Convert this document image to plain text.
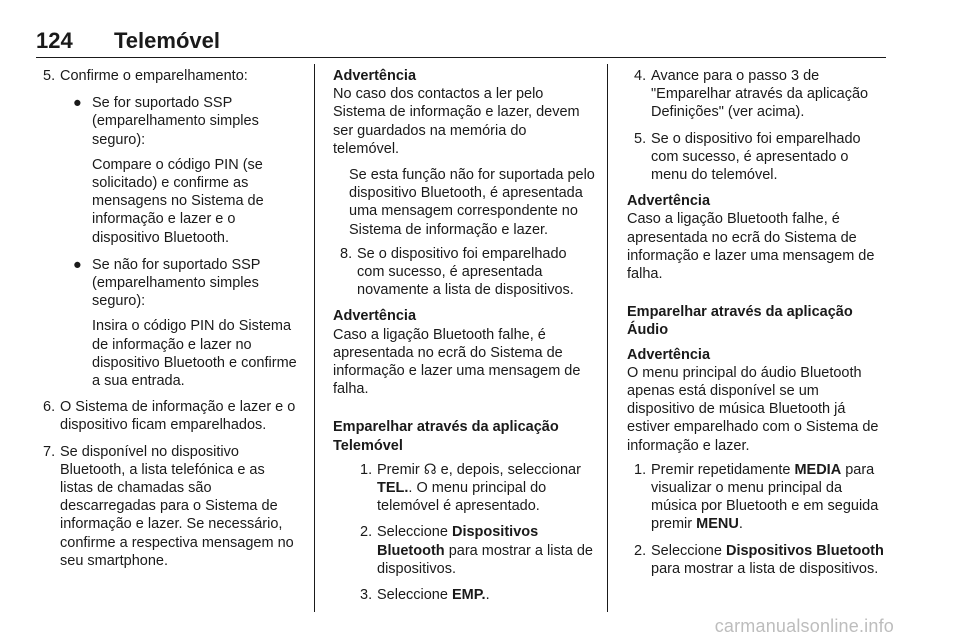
124 Telemóvel
5. Confirme o emparelhamento:
● Se for suportado SSP (emparelhamento simples seguro):
Compare o código PIN (se solicitado) e confirme as mensagens no Sistema de informação e lazer e o dispositivo Bluetooth.
● Se não for suportado SSP (emparelhamento simples seguro):
Insira o código PIN do Sistema de informação e lazer no dispositivo Bluetooth e confirme a sua entrada.
6. O Sistema de informação e lazer e o dispositivo ficam emparelhados.
7. Se disponível no dispositivo Bluetooth, a lista telefónica e as listas de chamadas são descarregadas para o Sistema de informação e lazer. Se necessário, confirme a respectiva mensagem no seu smartphone.
Advertência
No caso dos contactos a ler pelo Sistema de informação e lazer, devem ser guardados na memória do telemóvel.
Se esta função não for suportada pelo dispositivo Bluetooth, é apresentada uma mensagem correspondente no Sistema de informação e lazer.
8. Se o dispositivo foi emparelhado com sucesso, é apresentada novamente a lista de dispositivos.
Advertência
Caso a ligação Bluetooth falhe, é apresentada no ecrã do Sistema de informação e lazer uma mensagem de falha.
Emparelhar através da aplicação Telemóvel
1. Premir ☊ e, depois, seleccionar TEL.. O menu principal do telemóvel é apresentado.
2. Seleccione Dispositivos Bluetooth para mostrar a lista de dispositivos.
3. Seleccione EMP..
4. Avance para o passo 3 de "Emparelhar através da aplicação Definições" (ver acima).
5. Se o dispositivo foi emparelhado com sucesso, é apresentado o menu do telemóvel.
Advertência
Caso a ligação Bluetooth falhe, é apresentada no ecrã do Sistema de informação e lazer uma mensagem de falha.
Emparelhar através da aplicação Áudio
Advertência
O menu principal do áudio Bluetooth apenas está disponível se um dispositivo de música Bluetooth já estiver emparelhado com o Sistema de informação e lazer.
1. Premir repetidamente MEDIA para visualizar o menu principal da música por Bluetooth e em seguida premir MENU.
2. Seleccione Dispositivos Bluetooth para mostrar a lista de dispositivos.
carmanualsonline.info
